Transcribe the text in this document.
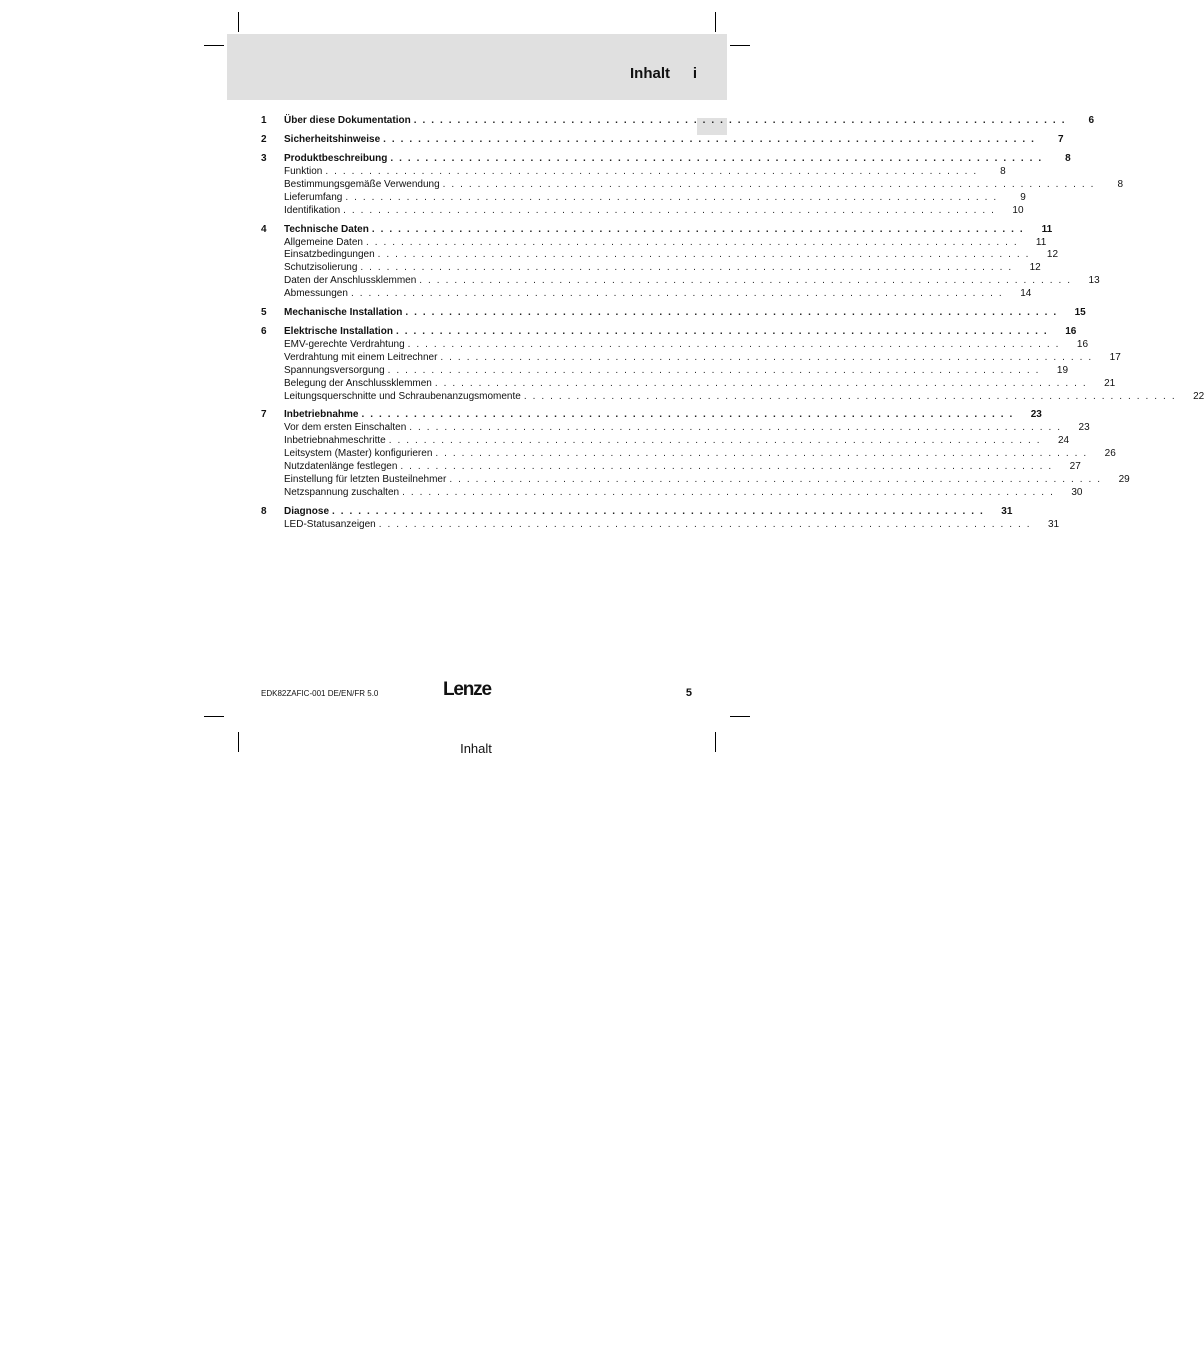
Inhalt	i
1	Über diese Dokumentation . . . . . . . . . . . . . . . . . . . . . . . . . . . . . . . . . . . . . . . . . . . . . . . . . . . . . . . . . . . . . . . . . . . . . . . . . . .	6
2	Sicherheitshinweise . . . . . . . . . . . . . . . . . . . . . . . . . . . . . . . . . . . . . . . . . . . . . . . . . . . . . . . . . . . . . . . . . . . . . . . . . . .	7
3	Produktbeschreibung . . . . . . . . . . . . . . . . . . . . . . . . . . . . . . . . . . . . . . . . . . . . . . . . . . . . . . . . . . . . . . . . . . . . . . . . . . .	8
Funktion . . . . . . . . . . . . . . . . . . . . . . . . . . . . . . . . . . . . . . . . . . . . . . . . . . . . . . . . . . . . . . . . . . . . . . . . . . .	8
Bestimmungsgemäße Verwendung . . . . . . . . . . . . . . . . . . . . . . . . . . . . . . . . . . . . . . . . . . . . . . . . . . . . . . . . . . . . . . . . . . . . . . . . . . .	8
Lieferumfang . . . . . . . . . . . . . . . . . . . . . . . . . . . . . . . . . . . . . . . . . . . . . . . . . . . . . . . . . . . . . . . . . . . . . . . . . . .	9
Identifikation . . . . . . . . . . . . . . . . . . . . . . . . . . . . . . . . . . . . . . . . . . . . . . . . . . . . . . . . . . . . . . . . . . . . . . . . . . .	10
4	Technische Daten . . . . . . . . . . . . . . . . . . . . . . . . . . . . . . . . . . . . . . . . . . . . . . . . . . . . . . . . . . . . . . . . . . . . . . . . . . .	11
Allgemeine Daten . . . . . . . . . . . . . . . . . . . . . . . . . . . . . . . . . . . . . . . . . . . . . . . . . . . . . . . . . . . . . . . . . . . . . . . . . . .	11
Einsatzbedingungen . . . . . . . . . . . . . . . . . . . . . . . . . . . . . . . . . . . . . . . . . . . . . . . . . . . . . . . . . . . . . . . . . . . . . . . . . . .	12
Schutzisolierung . . . . . . . . . . . . . . . . . . . . . . . . . . . . . . . . . . . . . . . . . . . . . . . . . . . . . . . . . . . . . . . . . . . . . . . . . . .	12
Daten der Anschlussklemmen . . . . . . . . . . . . . . . . . . . . . . . . . . . . . . . . . . . . . . . . . . . . . . . . . . . . . . . . . . . . . . . . . . . . . . . . . . .	13
Abmessungen . . . . . . . . . . . . . . . . . . . . . . . . . . . . . . . . . . . . . . . . . . . . . . . . . . . . . . . . . . . . . . . . . . . . . . . . . . .	14
5	Mechanische Installation . . . . . . . . . . . . . . . . . . . . . . . . . . . . . . . . . . . . . . . . . . . . . . . . . . . . . . . . . . . . . . . . . . . . . . . . . . .	15
6	Elektrische Installation . . . . . . . . . . . . . . . . . . . . . . . . . . . . . . . . . . . . . . . . . . . . . . . . . . . . . . . . . . . . . . . . . . . . . . . . . . .	16
EMV-gerechte Verdrahtung . . . . . . . . . . . . . . . . . . . . . . . . . . . . . . . . . . . . . . . . . . . . . . . . . . . . . . . . . . . . . . . . . . . . . . . . . . .	16
Verdrahtung mit einem Leitrechner . . . . . . . . . . . . . . . . . . . . . . . . . . . . . . . . . . . . . . . . . . . . . . . . . . . . . . . . . . . . . . . . . . . . . . . . . . .	17
Spannungsversorgung . . . . . . . . . . . . . . . . . . . . . . . . . . . . . . . . . . . . . . . . . . . . . . . . . . . . . . . . . . . . . . . . . . . . . . . . . . .	19
Belegung der Anschlussklemmen . . . . . . . . . . . . . . . . . . . . . . . . . . . . . . . . . . . . . . . . . . . . . . . . . . . . . . . . . . . . . . . . . . . . . . . . . . .	21
Leitungsquerschnitte und Schraubenanzugsmomente . . . . . . . . . . . . . . . . . . . . . . . . . . . . . . . . . . . . . . . . . . . . . . . . . . . . . . . . . . . . . . . . . . . . . . . . . . .	22
7	Inbetriebnahme . . . . . . . . . . . . . . . . . . . . . . . . . . . . . . . . . . . . . . . . . . . . . . . . . . . . . . . . . . . . . . . . . . . . . . . . . . .	23
Vor dem ersten Einschalten . . . . . . . . . . . . . . . . . . . . . . . . . . . . . . . . . . . . . . . . . . . . . . . . . . . . . . . . . . . . . . . . . . . . . . . . . . .	23
Inbetriebnahmeschritte . . . . . . . . . . . . . . . . . . . . . . . . . . . . . . . . . . . . . . . . . . . . . . . . . . . . . . . . . . . . . . . . . . . . . . . . . . .	24
Leitsystem (Master) konfigurieren . . . . . . . . . . . . . . . . . . . . . . . . . . . . . . . . . . . . . . . . . . . . . . . . . . . . . . . . . . . . . . . . . . . . . . . . . . .	26
Nutzdatenlänge festlegen . . . . . . . . . . . . . . . . . . . . . . . . . . . . . . . . . . . . . . . . . . . . . . . . . . . . . . . . . . . . . . . . . . . . . . . . . . .	27
Einstellung für letzten Busteilnehmer . . . . . . . . . . . . . . . . . . . . . . . . . . . . . . . . . . . . . . . . . . . . . . . . . . . . . . . . . . . . . . . . . . . . . . . . . . .	29
Netzspannung zuschalten . . . . . . . . . . . . . . . . . . . . . . . . . . . . . . . . . . . . . . . . . . . . . . . . . . . . . . . . . . . . . . . . . . . . . . . . . . .	30
8	Diagnose . . . . . . . . . . . . . . . . . . . . . . . . . . . . . . . . . . . . . . . . . . . . . . . . . . . . . . . . . . . . . . . . . . . . . . . . . . .	31
LED-Statusanzeigen . . . . . . . . . . . . . . . . . . . . . . . . . . . . . . . . . . . . . . . . . . . . . . . . . . . . . . . . . . . . . . . . . . . . . . . . . . .	31
EDK82ZAFIC-001 DE/EN/FR 5.0	Lenze	5
Inhalt
